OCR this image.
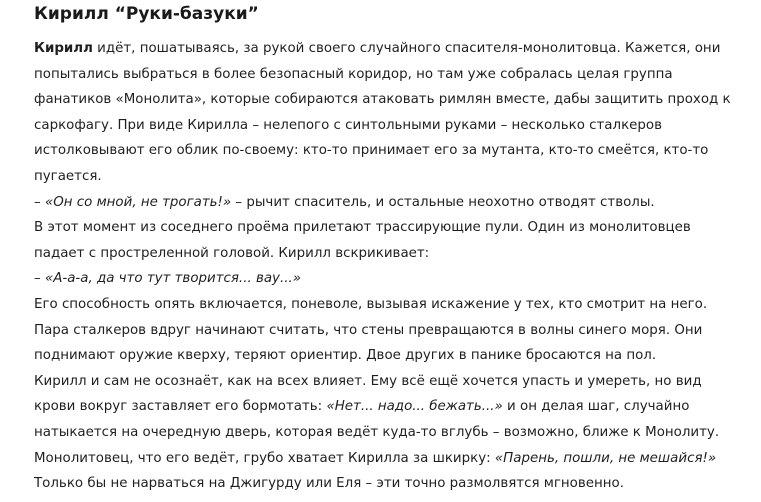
Кирилл “Руки-базуки”

Кирилл идёт, пошатываясь, за рукой своего случайного спасителя-монолитовца. Кажется, они попытались выбраться в более безопасный коридор, но там уже собралась целая группа фанатиков «Монолита», которые собираются атаковать римлян вместе, дабы защитить проход к саркофагу. При виде Кирилла – нелепого с синтольными руками – несколько сталкеров истолковывают его облик по-своему: кто-то принимает его за мутанта, кто-то смеётся, кто-то пугается.

– «Он со мной, не трогать!» – рычит спаситель, и остальные неохотно отводят стволы.

В этот момент из соседнего проёма прилетают трассирующие пули. Один из монолитовцев падает с простреленной головой. Кирилл вскрикивает:

– «А-а-а, да что тут творится... вау...»

Его способность опять включается, поневоле, вызывая искажение у тех, кто смотрит на него. Пара сталкеров вдруг начинают считать, что стены превращаются в волны синего моря. Они поднимают оружие кверху, теряют ориентир. Двое других в панике бросаются на пол.

Кирилл и сам не осознаёт, как на всех влияет. Ему всё ещё хочется упасть и умереть, но вид крови вокруг заставляет его бормотать: «Нет... надо... бежать...» и он делая шаг, случайно натыкается на очередную дверь, которая ведёт куда-то вглубь – возможно, ближе к Монолиту. Монолитовец, что его ведёт, грубо хватает Кирилла за шкирку: «Парень, пошли, не мешайся!»

Только бы не нарваться на Джигурду или Еля – эти точно размолвятся мгновенно.
